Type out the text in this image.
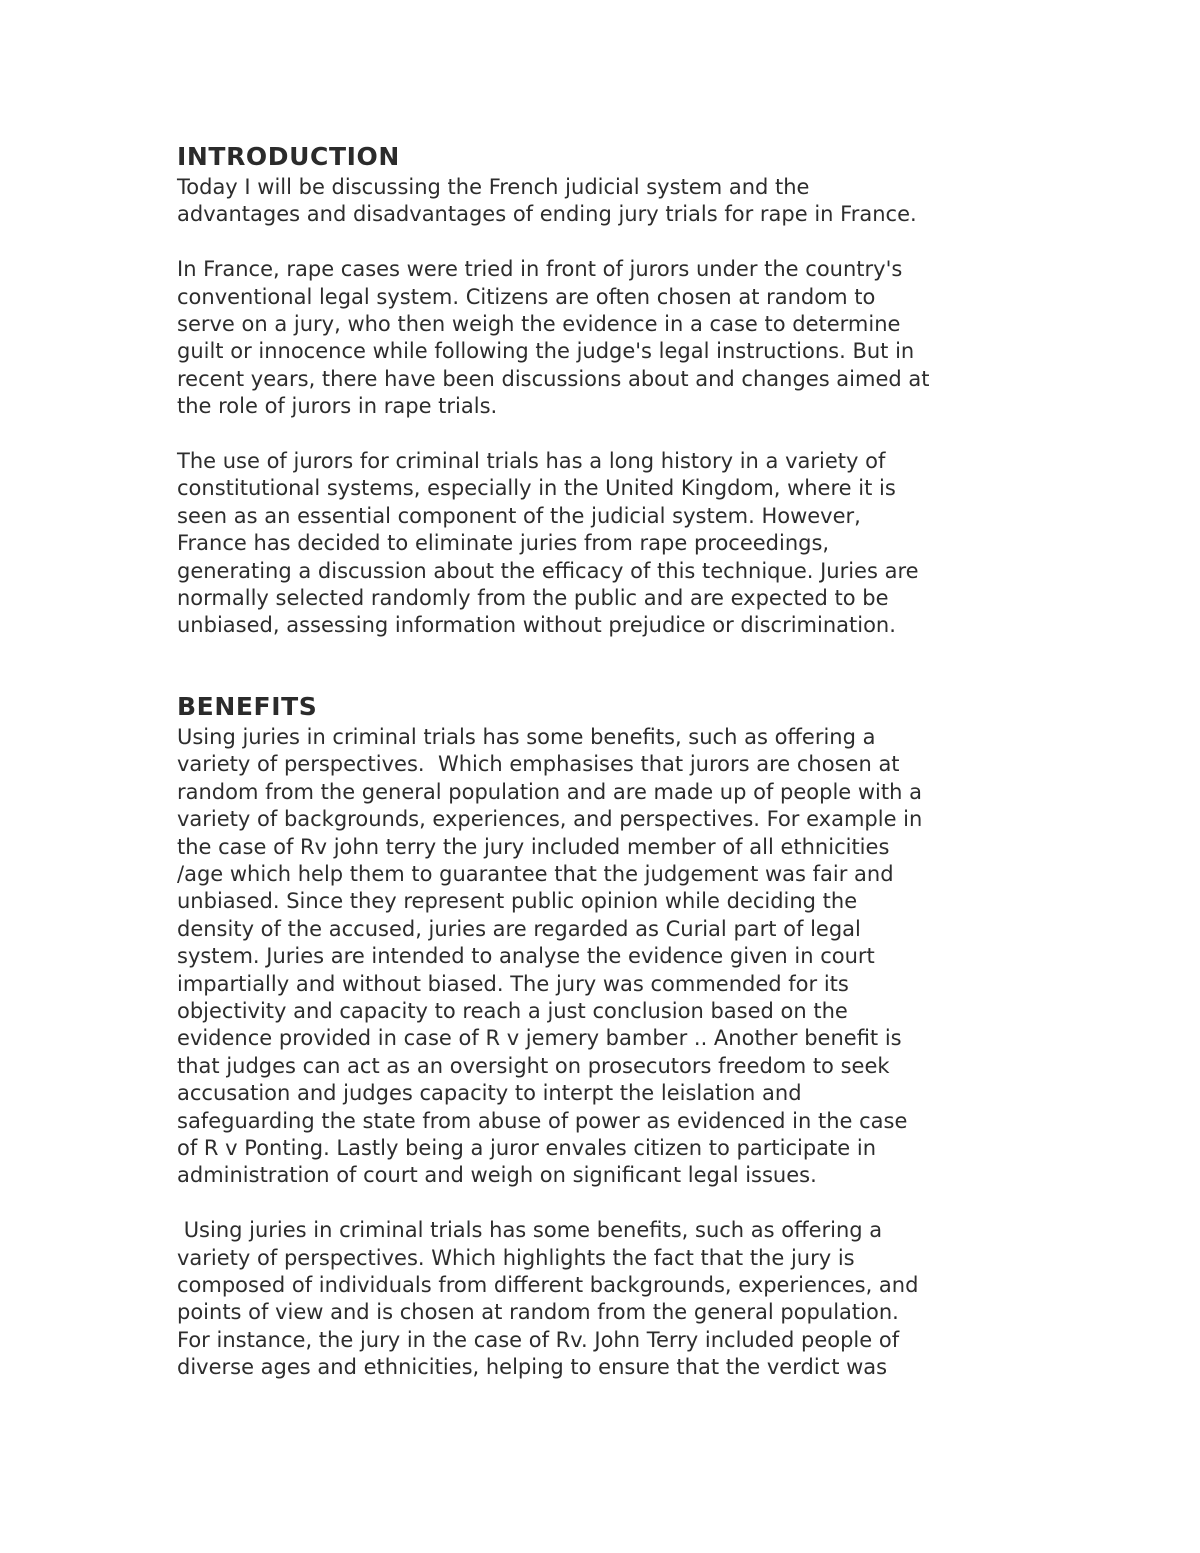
INTRODUCTION

Today I will be discussing the French judicial system and the
advantages and disadvantages of ending jury trials for rape in France.

In France, rape cases were tried in front of jurors under the country's
conventional legal system. Citizens are often chosen at random to
serve on a jury, who then weigh the evidence in a case to determine
guilt or innocence while following the judge's legal instructions. But in
recent years, there have been discussions about and changes aimed at
the role of jurors in rape trials.

The use of jurors for criminal trials has a long history in a variety of
constitutional systems, especially in the United Kingdom, where it is
seen as an essential component of the judicial system. However,
France has decided to eliminate juries from rape proceedings,
generating a discussion about the efficacy of this technique. Juries are
normally selected randomly from the public and are expected to be
unbiased, assessing information without prejudice or discrimination.

BENEFITS

Using juries in criminal trials has some benefits, such as offering a
variety of perspectives.  Which emphasises that jurors are chosen at
random from the general population and are made up of people with a
variety of backgrounds, experiences, and perspectives. For example in
the case of Rv john terry the jury included member of all ethnicities
/age which help them to guarantee that the judgement was fair and
unbiased. Since they represent public opinion while deciding the
density of the accused, juries are regarded as Curial part of legal
system. Juries are intended to analyse the evidence given in court
impartially and without biased. The jury was commended for its
objectivity and capacity to reach a just conclusion based on the
evidence provided in case of R v jemery bamber .. Another benefit is
that judges can act as an oversight on prosecutors freedom to seek
accusation and judges capacity to interpt the leislation and
safeguarding the state from abuse of power as evidenced in the case
of R v Ponting. Lastly being a juror envales citizen to participate in
administration of court and weigh on significant legal issues.

Using juries in criminal trials has some benefits, such as offering a
variety of perspectives. Which highlights the fact that the jury is
composed of individuals from different backgrounds, experiences, and
points of view and is chosen at random from the general population.
For instance, the jury in the case of Rv. John Terry included people of
diverse ages and ethnicities, helping to ensure that the verdict was
